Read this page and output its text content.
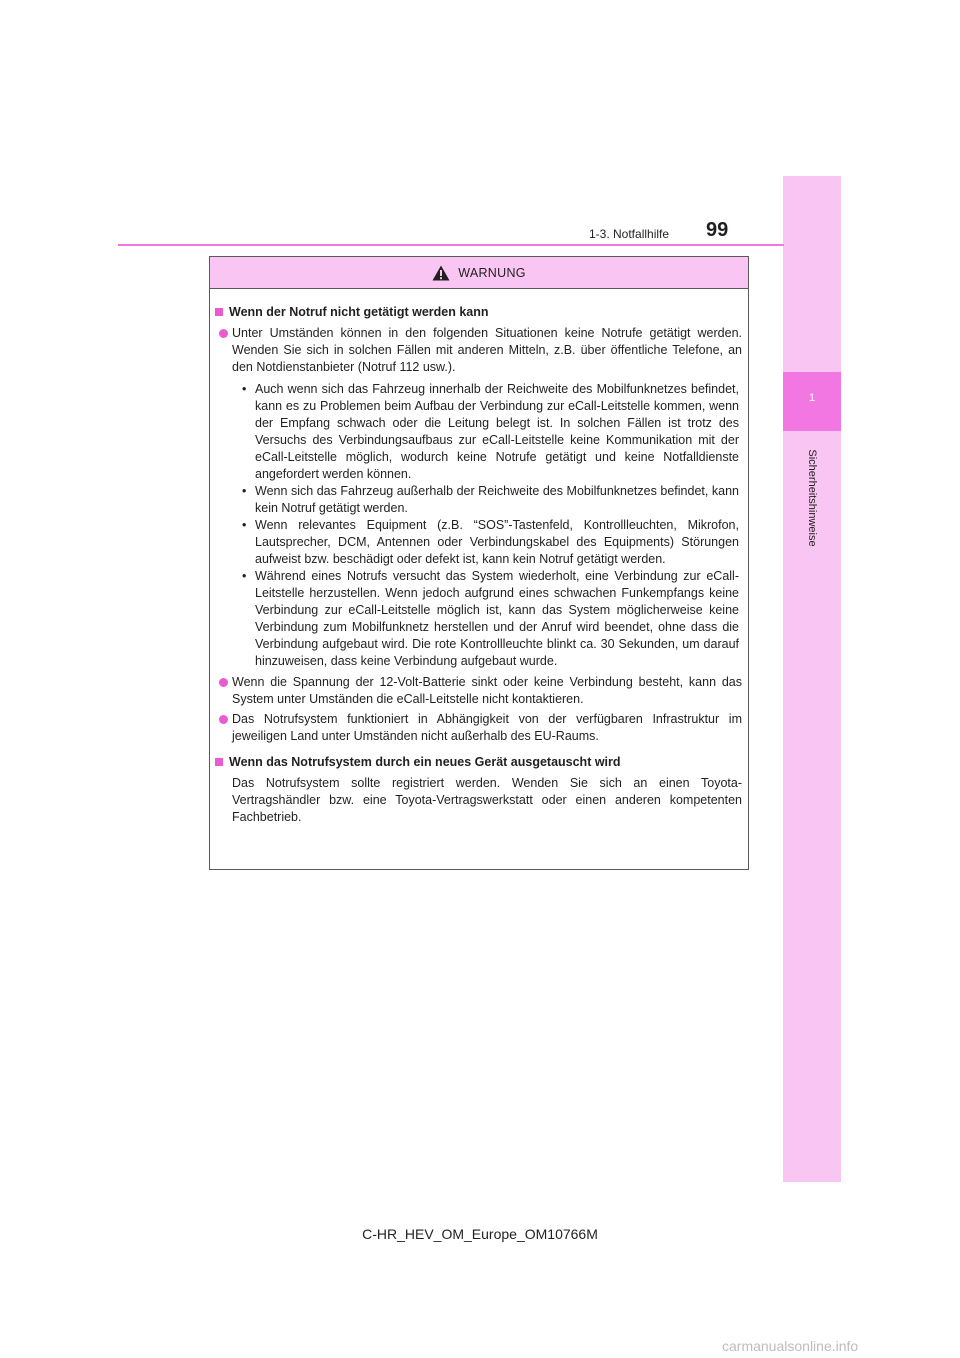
1
Sicherheitshinweise
1-3. Notfallhilfe 99
WARNUNG
Wenn der Notruf nicht getätigt werden kann
Unter Umständen können in den folgenden Situationen keine Notrufe getätigt werden. Wenden Sie sich in solchen Fällen mit anderen Mitteln, z.B. über öffentliche Telefone, an den Notdienstanbieter (Notruf 112 usw.).
• Auch wenn sich das Fahrzeug innerhalb der Reichweite des Mobilfunknetzes befindet, kann es zu Problemen beim Aufbau der Verbindung zur eCall-Leitstelle kommen, wenn der Empfang schwach oder die Leitung belegt ist. In solchen Fällen ist trotz des Versuchs des Verbindungsaufbaus zur eCall-Leitstelle keine Kommunikation mit der eCall-Leitstelle möglich, wodurch keine Notrufe getätigt und keine Notfalldienste angefordert werden können.
• Wenn sich das Fahrzeug außerhalb der Reichweite des Mobilfunknetzes befindet, kann kein Notruf getätigt werden.
• Wenn relevantes Equipment (z.B. “SOS”-Tastenfeld, Kontrollleuchten, Mikrofon, Lautsprecher, DCM, Antennen oder Verbindungskabel des Equipments) Störungen aufweist bzw. beschädigt oder defekt ist, kann kein Notruf getätigt werden.
• Während eines Notrufs versucht das System wiederholt, eine Verbindung zur eCall-Leitstelle herzustellen. Wenn jedoch aufgrund eines schwachen Funkempfangs keine Verbindung zur eCall-Leitstelle möglich ist, kann das System möglicherweise keine Verbindung zum Mobilfunknetz herstellen und der Anruf wird beendet, ohne dass die Verbindung aufgebaut wird. Die rote Kontrollleuchte blinkt ca. 30 Sekunden, um darauf hinzuweisen, dass keine Verbindung aufgebaut wurde.
Wenn die Spannung der 12-Volt-Batterie sinkt oder keine Verbindung besteht, kann das System unter Umständen die eCall-Leitstelle nicht kontaktieren.
Das Notrufsystem funktioniert in Abhängigkeit von der verfügbaren Infrastruktur im jeweiligen Land unter Umständen nicht außerhalb des EU-Raums.
Wenn das Notrufsystem durch ein neues Gerät ausgetauscht wird
Das Notrufsystem sollte registriert werden. Wenden Sie sich an einen Toyota-Vertragshändler bzw. eine Toyota-Vertragswerkstatt oder einen anderen kompetenten Fachbetrieb.
C-HR_HEV_OM_Europe_OM10766M
carmanualsonline.info
